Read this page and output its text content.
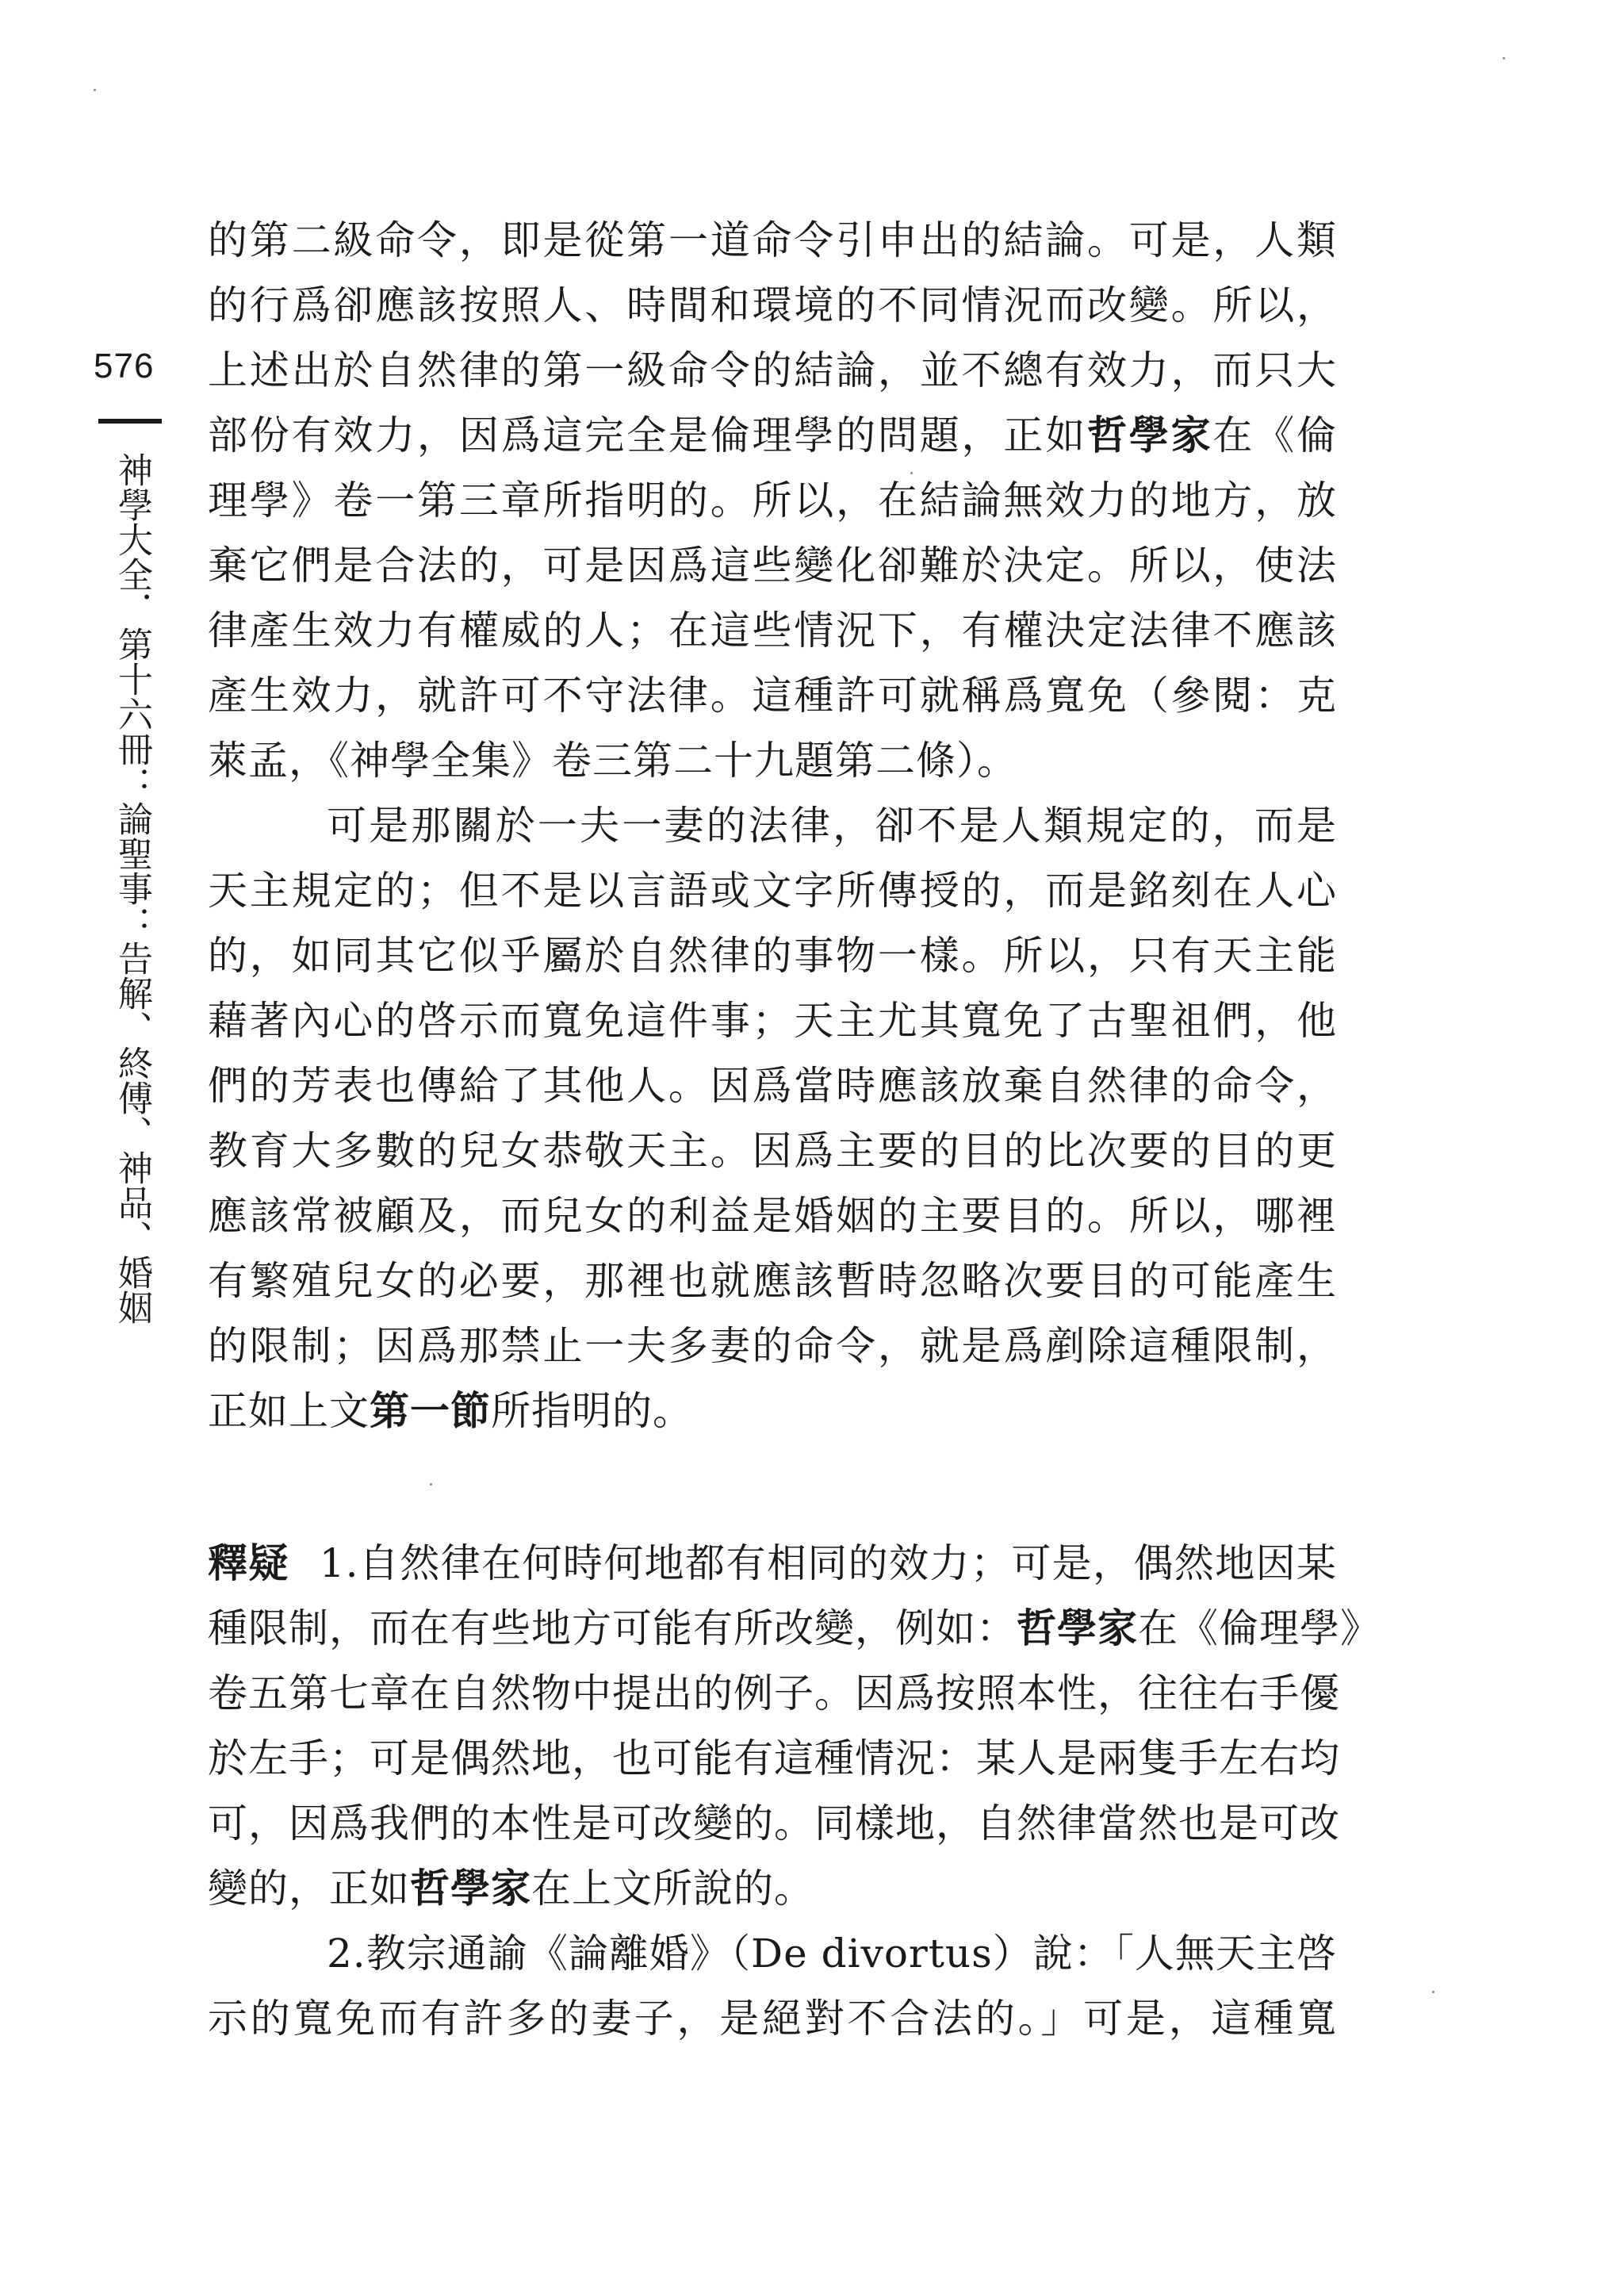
576
神學大全．第十六冊：論聖事：告解、終傅、神品、婚姻
的第二級命令，即是從第一道命令引申出的結論。可是，人類
的行爲卻應該按照人、時間和環境的不同情況而改變。所以，
上述出於自然律的第一級命令的結論，並不總有效力，而只大
部份有效力，因爲這完全是倫理學的問題，正如哲學家在《倫
理學》卷一第三章所指明的。所以，在結論無效力的地方，放
棄它們是合法的，可是因爲這些變化卻難於決定。所以，使法
律產生效力有權威的人；在這些情況下，有權決定法律不應該
產生效力，就許可不守法律。這種許可就稱爲寬免（參閱：克
萊孟，《神學全集》卷三第二十九題第二條）。
可是那關於一夫一妻的法律，卻不是人類規定的，而是
天主規定的；但不是以言語或文字所傳授的，而是銘刻在人心
的，如同其它似乎屬於自然律的事物一樣。所以，只有天主能
藉著內心的啓示而寬免這件事；天主尤其寬免了古聖祖們，他
們的芳表也傳給了其他人。因爲當時應該放棄自然律的命令，
教育大多數的兒女恭敬天主。因爲主要的目的比次要的目的更
應該常被顧及，而兒女的利益是婚姻的主要目的。所以，哪裡
有繁殖兒女的必要，那裡也就應該暫時忽略次要目的可能產生
的限制；因爲那禁止一夫多妻的命令，就是爲剷除這種限制，
正如上文第一節所指明的。
釋疑 1.自然律在何時何地都有相同的效力；可是，偶然地因某
種限制，而在有些地方可能有所改變，例如：哲學家在《倫理學》
卷五第七章在自然物中提出的例子。因爲按照本性，往往右手優
於左手；可是偶然地，也可能有這種情況：某人是兩隻手左右均
可，因爲我們的本性是可改變的。同樣地，自然律當然也是可改
變的，正如哲學家在上文所說的。
2.教宗通諭《論離婚》（De divortus）說：「人無天主啓
示的寬免而有許多的妻子，是絕對不合法的。」可是，這種寬
